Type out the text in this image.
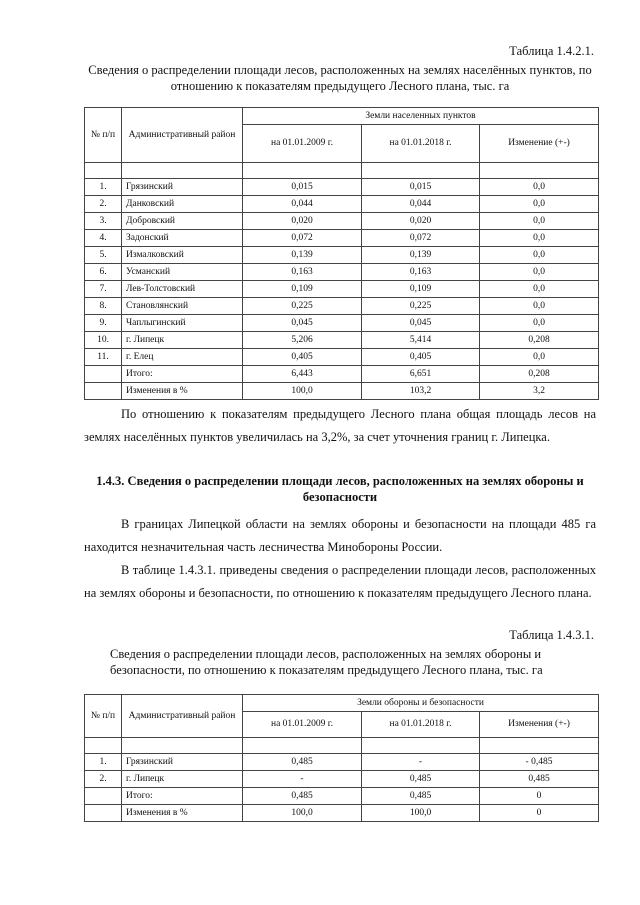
Таблица 1.4.2.1.
Сведения о распределении площади лесов, расположенных на землях населённых пунктов, по отношению к показателям предыдущего Лесного плана, тыс. га
№ п/п	Административный район	Земли населенных пунктов		
		на 01.01.2009 г.	на 01.01.2018 г.	Изменение (+-)

1.	Грязинский	0,015	0,015	0,0
2.	Данковский	0,044	0,044	0,0
3.	Добровский	0,020	0,020	0,0
4.	Задонский	0,072	0,072	0,0
5.	Измалковский	0,139	0,139	0,0
6.	Усманский	0,163	0,163	0,0
7.	Лев-Толстовский	0,109	0,109	0,0
8.	Становлянский	0,225	0,225	0,0
9.	Чаплыгинский	0,045	0,045	0,0
10.	г. Липецк	5,206	5,414	0,208
11.	г. Елец	0,405	0,405	0,0
	Итого:	6,443	6,651	0,208
	Изменения в %	100,0	103,2	3,2
По отношению к показателям предыдущего Лесного плана общая площадь лесов на землях населённых пунктов увеличилась на 3,2%, за счет уточнения границ г. Липецка.
1.4.3. Сведения о распределении площади лесов, расположенных на землях обороны и безопасности
В границах Липецкой области на землях обороны и безопасности на площади 485 га находится незначительная часть лесничества Минобороны России.
В таблице 1.4.3.1. приведены сведения о распределении площади лесов, расположенных на землях обороны и безопасности, по отношению к показателям предыдущего Лесного плана.
Таблица 1.4.3.1.
Сведения о распределении площади лесов, расположенных на землях обороны и безопасности, по отношению к показателям предыдущего Лесного плана, тыс. га
№ п/п	Административный район	Земли обороны и безопасности		
		на 01.01.2009 г.	на 01.01.2018 г.	Изменения (+-)

1.	Грязинский	0,485	-	- 0,485
2.	г. Липецк	-	0,485	0,485
	Итого:	0,485	0,485	0
	Изменения в %	100,0	100,0	0
